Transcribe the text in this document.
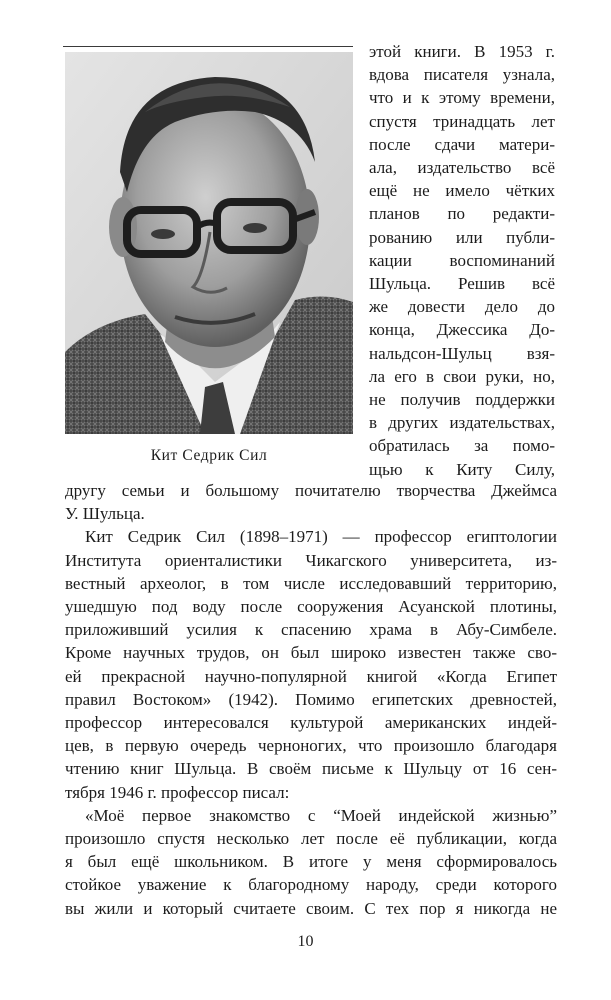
Кит Седрик Сил
этой книги. В 1953 г.
вдова писателя узнала,
что и к этому времени,
спустя тринадцать лет
после сдачи матери-
ала, издательство всё
ещё не имело чётких
планов по редакти-
рованию или публи-
кации воспоминаний
Шульца. Решив всё
же довести дело до
конца, Джессика До-
нальдсон-Шульц взя-
ла его в свои руки, но,
не получив поддержки
в других издательствах,
обратилась за помо-
щью к Киту Силу,
другу семьи и большому почитателю творчества Джеймса
У. Шульца.
Кит Седрик Сил (1898–1971) — профессор египтологии
Института ориенталистики Чикагского университета, из-
вестный археолог, в том числе исследовавший территорию,
ушедшую под воду после сооружения Асуанской плотины,
приложивший усилия к спасению храма в Абу-Симбеле.
Кроме научных трудов, он был широко известен также сво-
ей прекрасной научно-популярной книгой «Когда Египет
правил Востоком» (1942). Помимо египетских древностей,
профессор интересовался культурой американских индей-
цев, в первую очередь черноногих, что произошло благодаря
чтению книг Шульца. В своём письме к Шульцу от 16 сен-
тября 1946 г. профессор писал:
«Моё первое знакомство с “Моей индейской жизнью”
произошло спустя несколько лет после её публикации, когда
я был ещё школьником. В итоге у меня сформировалось
стойкое уважение к благородному народу, среди которого
вы жили и который считаете своим. С тех пор я никогда не
10
